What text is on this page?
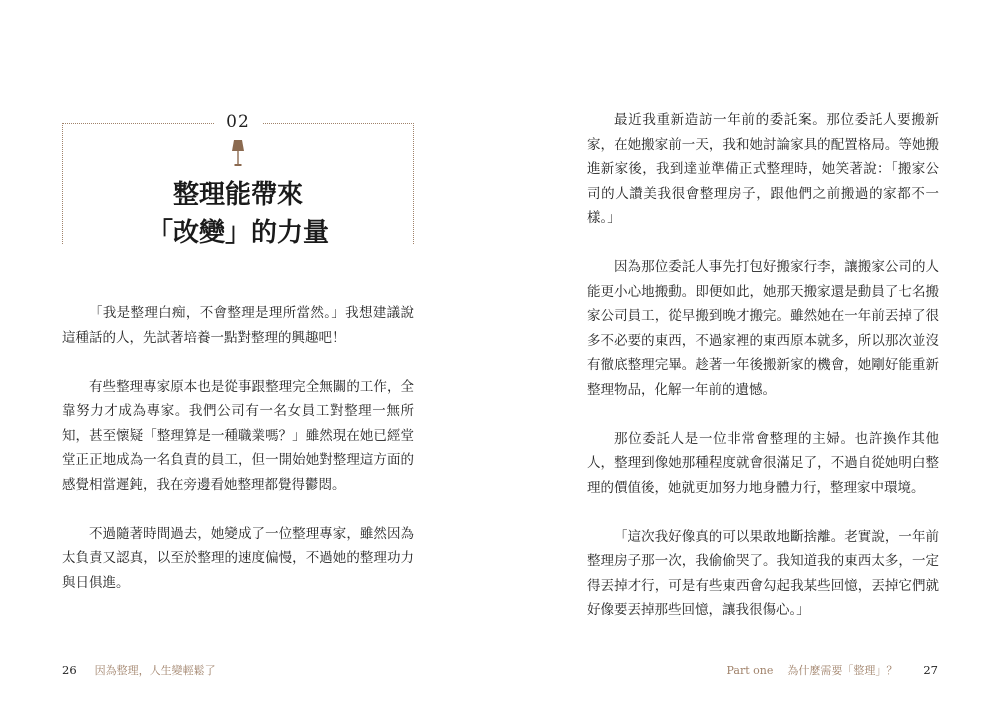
02
整理能帶來
「改變」的力量

「我是整理白痴，不會整理是理所當然。」我想建議說這種話的人，先試著培養一點對整理的興趣吧！

有些整理專家原本也是從事跟整理完全無關的工作，全靠努力才成為專家。我們公司有一名女員工對整理一無所知，甚至懷疑「整理算是一種職業嗎？」雖然現在她已經堂堂正正地成為一名負責的員工，但一開始她對整理這方面的感覺相當遲鈍，我在旁邊看她整理都覺得鬱悶。

不過隨著時間過去，她變成了一位整理專家，雖然因為太負責又認真，以至於整理的速度偏慢，不過她的整理功力與日俱進。

26 因為整理，人生變輕鬆了

最近我重新造訪一年前的委託案。那位委託人要搬新家，在她搬家前一天，我和她討論家具的配置格局。等她搬進新家後，我到達並準備正式整理時，她笑著說：「搬家公司的人讚美我很會整理房子，跟他們之前搬過的家都不一樣。」

因為那位委託人事先打包好搬家行李，讓搬家公司的人能更小心地搬動。即便如此，她那天搬家還是動員了七名搬家公司員工，從早搬到晚才搬完。雖然她在一年前丟掉了很多不必要的東西，不過家裡的東西原本就多，所以那次並沒有徹底整理完畢。趁著一年後搬新家的機會，她剛好能重新整理物品，化解一年前的遺憾。

那位委託人是一位非常會整理的主婦。也許換作其他人，整理到像她那種程度就會很滿足了，不過自從她明白整理的價值後，她就更加努力地身體力行，整理家中環境。

「這次我好像真的可以果敢地斷捨離。老實說，一年前整理房子那一次，我偷偷哭了。我知道我的東西太多，一定得丟掉才行，可是有些東西會勾起我某些回憶，丟掉它們就好像要丟掉那些回憶，讓我很傷心。」

Part one 為什麼需要「整理」？ 27
